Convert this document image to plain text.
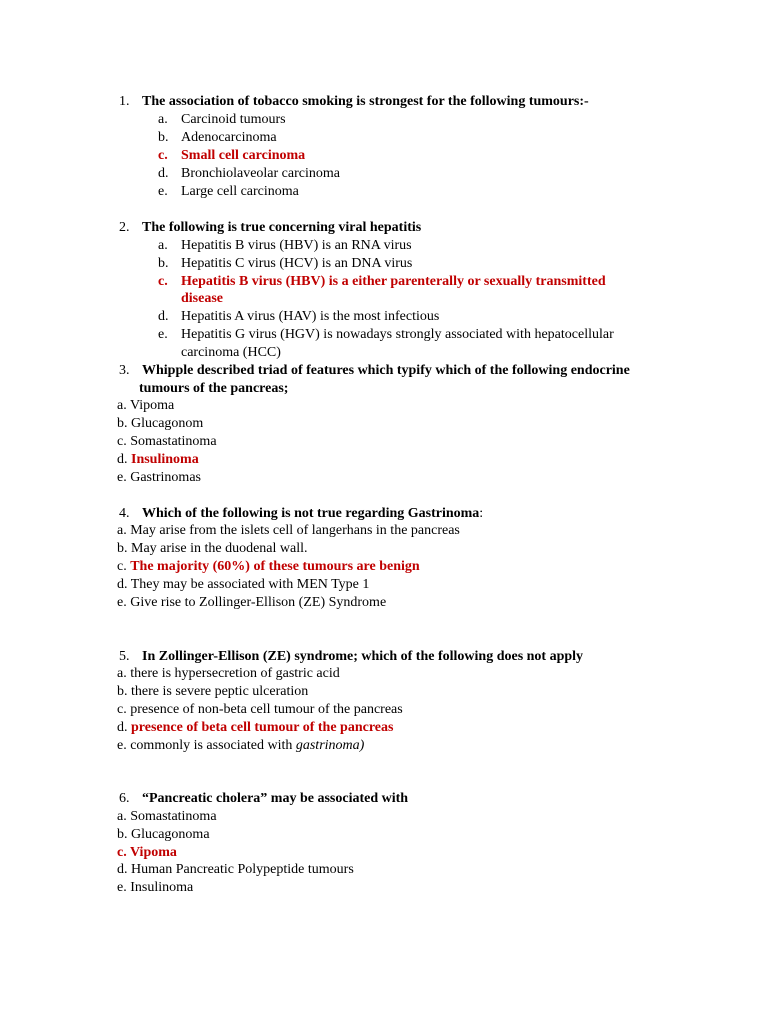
1. The association of tobacco smoking is strongest for the following tumours:-
a. Carcinoid tumours
b. Adenocarcinoma
c. Small cell carcinoma
d. Bronchiolaveolar carcinoma
e. Large cell carcinoma
2. The following is true concerning viral hepatitis
a. Hepatitis B virus (HBV) is an RNA virus
b. Hepatitis C virus (HCV) is an DNA virus
c. Hepatitis B virus (HBV) is a either parenterally or sexually transmitted
disease
d. Hepatitis A virus (HAV) is the most infectious
e. Hepatitis G virus (HGV) is nowadays strongly associated with hepatocellular
carcinoma (HCC)
3. Whipple described triad of features which typify which of the following endocrine
tumours of the pancreas;
a. Vipoma
b. Glucagonom
c. Somastatinoma
d. Insulinoma
e. Gastrinomas
4. Which of the following is not true regarding Gastrinoma:
a. May arise from the islets cell of langerhans in the pancreas
b. May arise in the duodenal wall.
c. The majority (60%) of these tumours are benign
d. They may be associated with MEN Type 1
e. Give rise to Zollinger-Ellison (ZE) Syndrome
5. In Zollinger-Ellison (ZE) syndrome; which of the following does not apply
a. there is hypersecretion of gastric acid
b. there is severe peptic ulceration
c. presence of non-beta cell tumour of the pancreas
d. presence of beta cell tumour of the pancreas
e. commonly is associated with gastrinoma)
6. “Pancreatic cholera” may be associated with
a. Somastatinoma
b. Glucagonoma
c. Vipoma
d. Human Pancreatic Polypeptide tumours
e. Insulinoma
